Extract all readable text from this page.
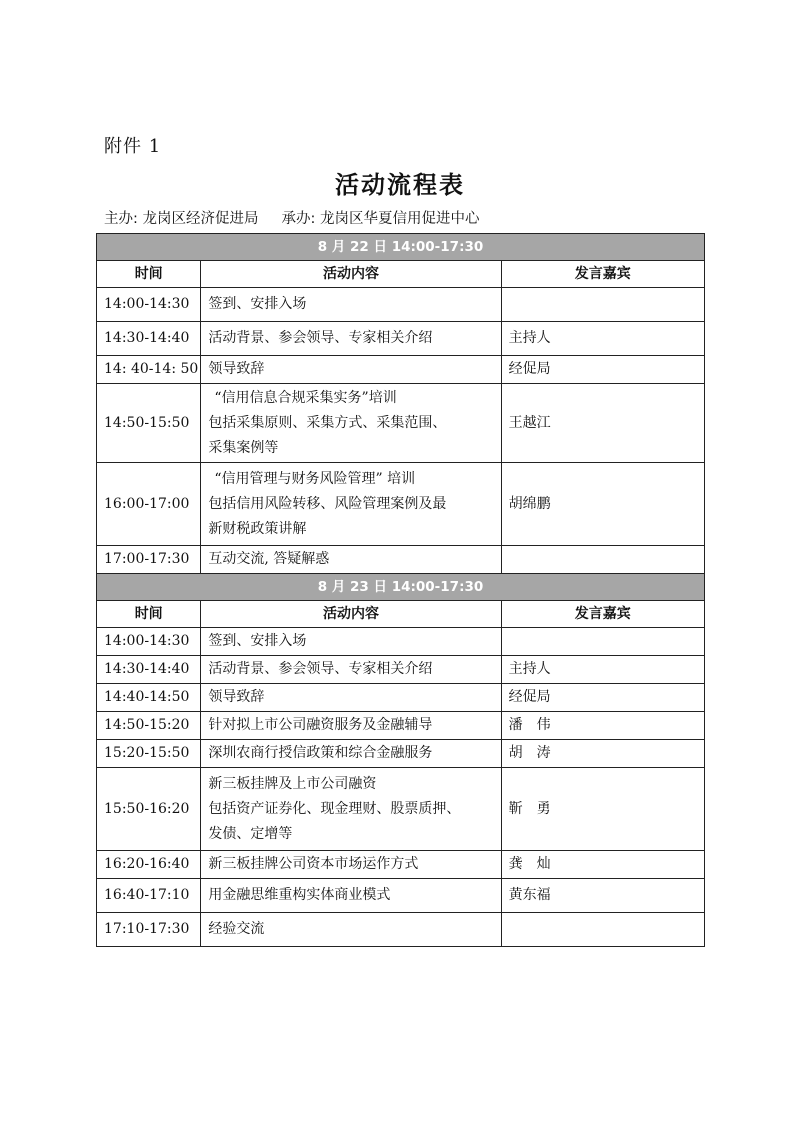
附件 1
活动流程表
主办: 龙岗区经济促进局     承办: 龙岗区华夏信用促进中心
8 月 22 日 14:00-17:30		
时间	活动内容	发言嘉宾
14:00-14:30	签到、安排入场	

14:30-14:40	活动背景、参会领导、专家相关介绍	主持人
14: 40-14: 50	领导致辞	经促局
14:50-15:50	“信用信息合规采集实务”培训
包括采集原则、采集方式、采集范围、
采集案例等	王越江
16:00-17:00	“信用管理与财务风险管理” 培训
包括信用风险转移、风险管理案例及最
新财税政策讲解	胡绵鹏
17:00-17:30	互动交流, 答疑解惑	

8 月 23 日 14:00-17:30		
时间	活动内容	发言嘉宾
14:00-14:30	签到、安排入场	

14:30-14:40	活动背景、参会领导、专家相关介绍	主持人
14:40-14:50	领导致辞	经促局
14:50-15:20	针对拟上市公司融资服务及金融辅导	潘　伟
15:20-15:50	深圳农商行授信政策和综合金融服务	胡　涛
15:50-16:20	新三板挂牌及上市公司融资
包括资产证券化、现金理财、股票质押、
发债、定增等	靳　勇
16:20-16:40	新三板挂牌公司资本市场运作方式	龚　灿
16:40-17:10	用金融思维重构实体商业模式	黄东福
17:10-17:30	经验交流	
